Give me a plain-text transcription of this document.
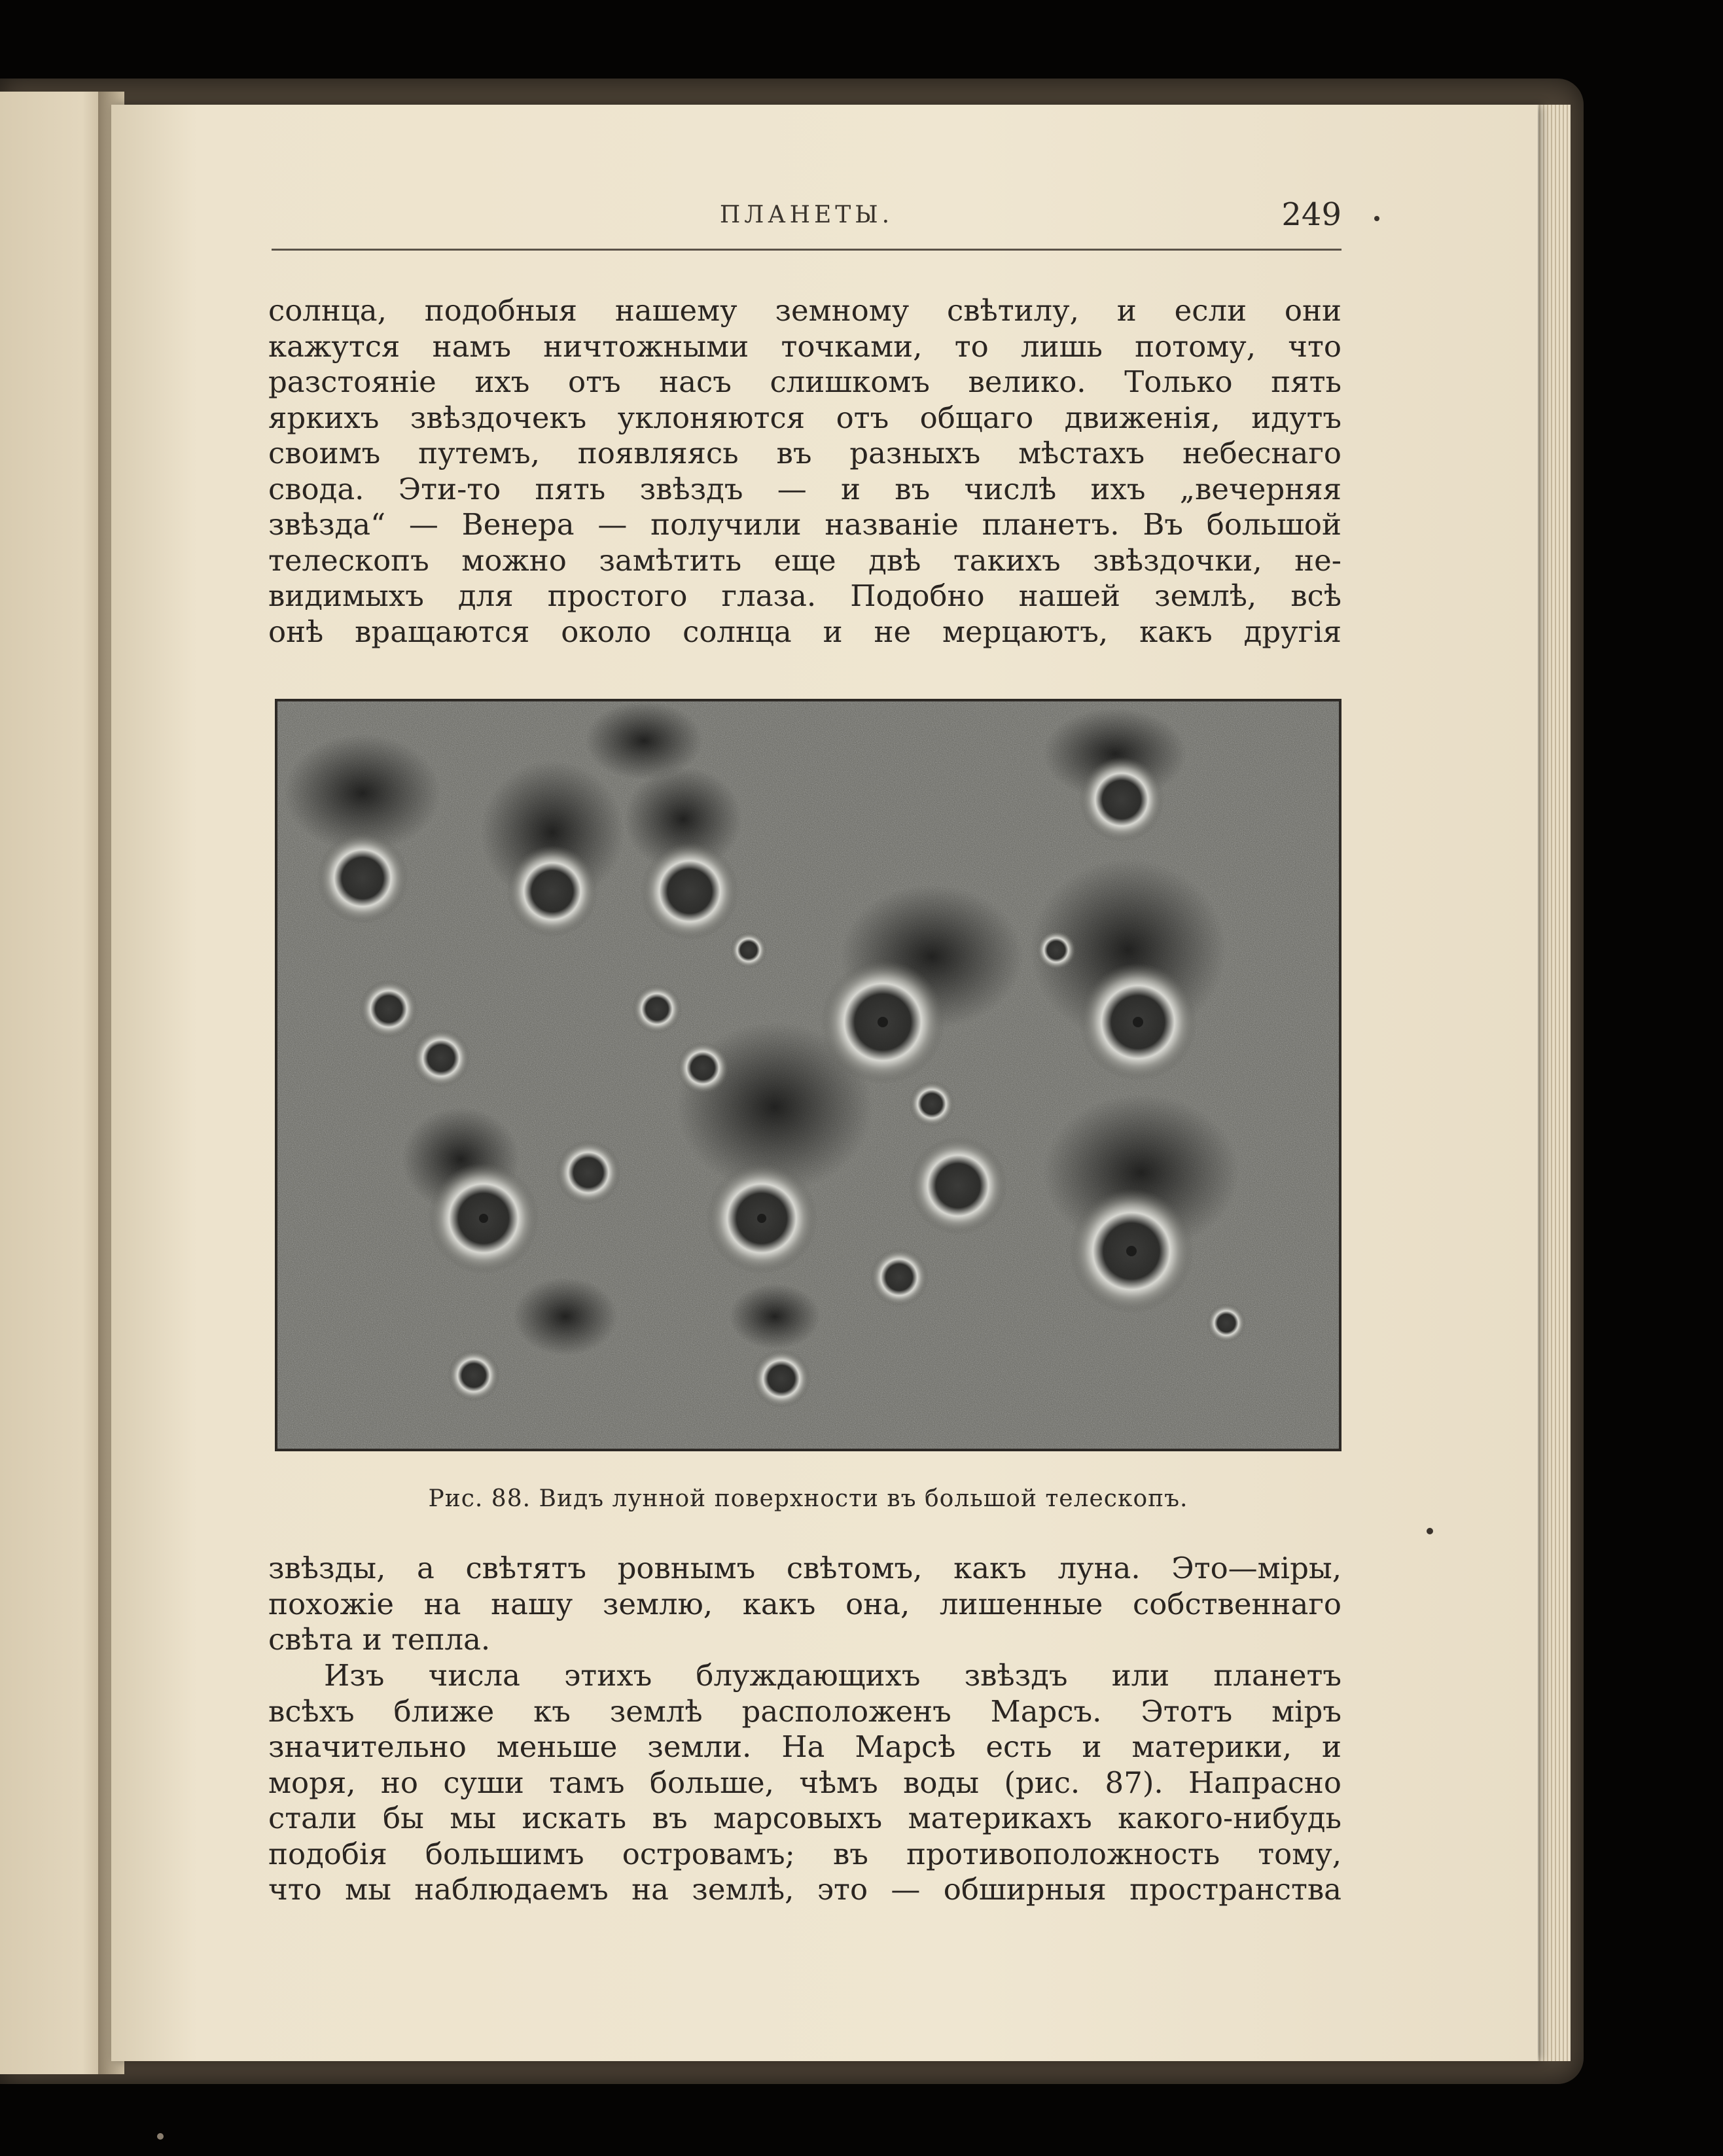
ПЛАНЕТЫ.	249
солнца, подобныя нашему земному свѣтилу, и если они
кажутся намъ ничтожными точками, то лишь потому, что
разстоянiе ихъ отъ насъ слишкомъ велико. Только пять
яркихъ звѣздочекъ уклоняются отъ общаго движенiя, идутъ
своимъ путемъ, появляясь въ разныхъ мѣстахъ небеснаго
свода. Эти-то пять звѣздъ — и въ числѣ ихъ „вечерняя
звѣзда“ — Венера — получили названiе планетъ. Въ большой
телескопъ можно замѣтить еще двѣ такихъ звѣздочки, не-
видимыхъ для простого глаза. Подобно нашей землѣ, всѣ
онѣ вращаются около солнца и не мерцаютъ, какъ другiя
Рис. 88. Видъ лунной поверхности въ большой телескопъ.
звѣзды, а свѣтятъ ровнымъ свѣтомъ, какъ луна. Это—мiры,
похожiе на нашу землю, какъ она, лишенные собственнаго
свѣта и тепла.
Изъ числа этихъ блуждающихъ звѣздъ или планетъ
всѣхъ ближе къ землѣ расположенъ Марсъ. Этотъ мiръ
значительно меньше земли. На Марсѣ есть и материки, и
моря, но суши тамъ больше, чѣмъ воды (рис. 87). Напрасно
стали бы мы искать въ марсовыхъ материкахъ какого-нибудь
подобiя большимъ островамъ; въ противоположность тому,
что мы наблюдаемъ на землѣ, это — обширныя пространства
